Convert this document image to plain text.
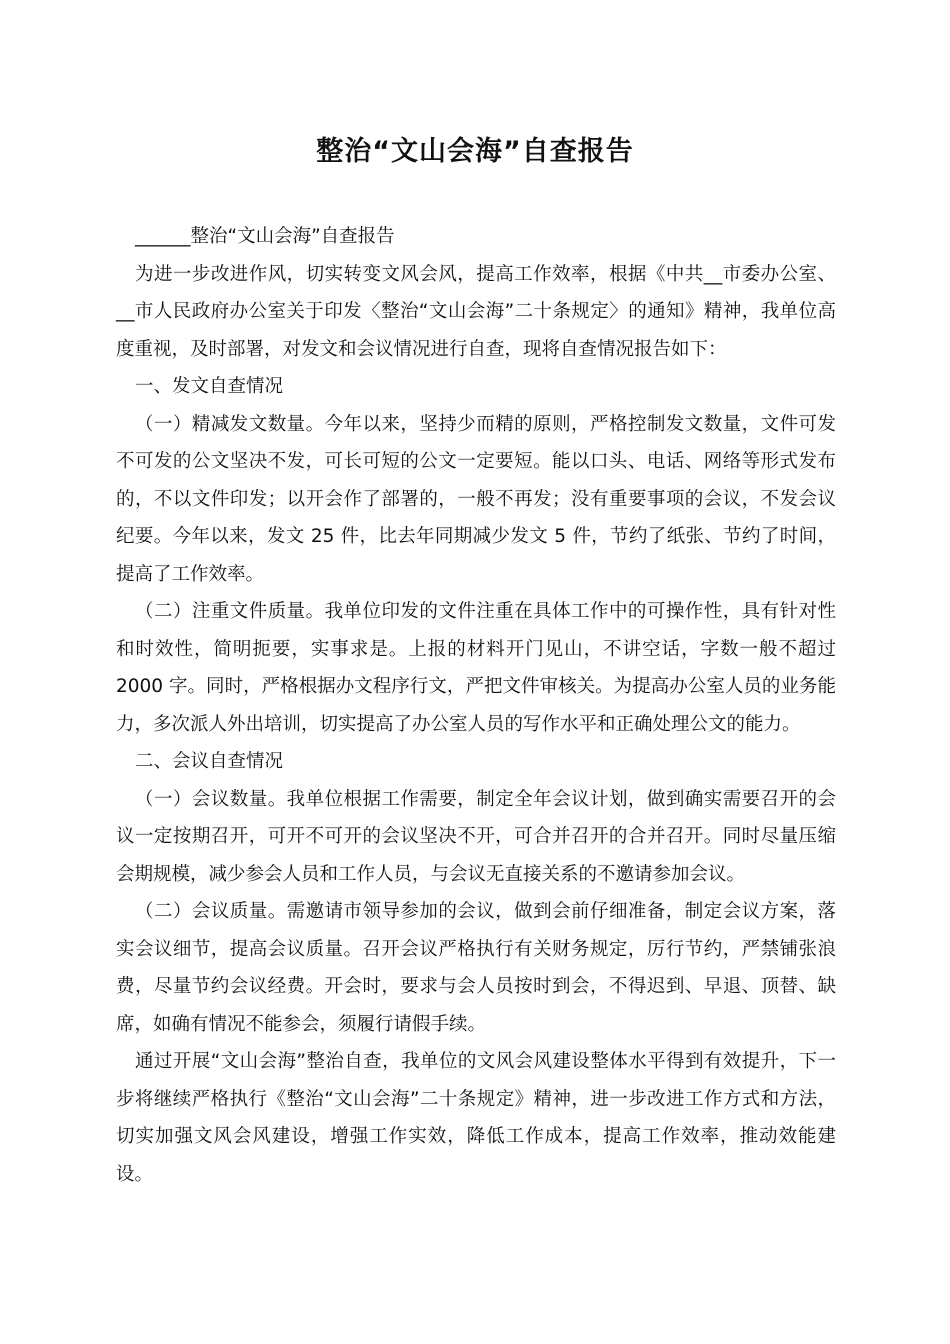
整治“文山会海”自查报告

______整治“文山会海”自查报告

为进一步改进作风，切实转变文风会风，提高工作效率，根据《中共__市委办公室、__市人民政府办公室关于印发〈整治“文山会海”二十条规定〉的通知》精神，我单位高度重视，及时部署，对发文和会议情况进行自查，现将自查情况报告如下：

一、发文自查情况

（一）精减发文数量。今年以来，坚持少而精的原则，严格控制发文数量，文件可发不可发的公文坚决不发，可长可短的公文一定要短。能以口头、电话、网络等形式发布的，不以文件印发；以开会作了部署的，一般不再发；没有重要事项的会议，不发会议纪要。今年以来，发文 25 件，比去年同期减少发文 5 件，节约了纸张、节约了时间，提高了工作效率。

（二）注重文件质量。我单位印发的文件注重在具体工作中的可操作性，具有针对性和时效性，简明扼要，实事求是。上报的材料开门见山，不讲空话，字数一般不超过 2000 字。同时，严格根据办文程序行文，严把文件审核关。为提高办公室人员的业务能力，多次派人外出培训，切实提高了办公室人员的写作水平和正确处理公文的能力。

二、会议自查情况

（一）会议数量。我单位根据工作需要，制定全年会议计划，做到确实需要召开的会议一定按期召开，可开不可开的会议坚决不开，可合并召开的合并召开。同时尽量压缩会期规模，减少参会人员和工作人员，与会议无直接关系的不邀请参加会议。

（二）会议质量。需邀请市领导参加的会议，做到会前仔细准备，制定会议方案，落实会议细节，提高会议质量。召开会议严格执行有关财务规定，厉行节约，严禁铺张浪费，尽量节约会议经费。开会时，要求与会人员按时到会，不得迟到、早退、顶替、缺席，如确有情况不能参会，须履行请假手续。

通过开展“文山会海”整治自查，我单位的文风会风建设整体水平得到有效提升，下一步将继续严格执行《整治“文山会海”二十条规定》精神，进一步改进工作方式和方法，切实加强文风会风建设，增强工作实效，降低工作成本，提高工作效率，推动效能建设。
